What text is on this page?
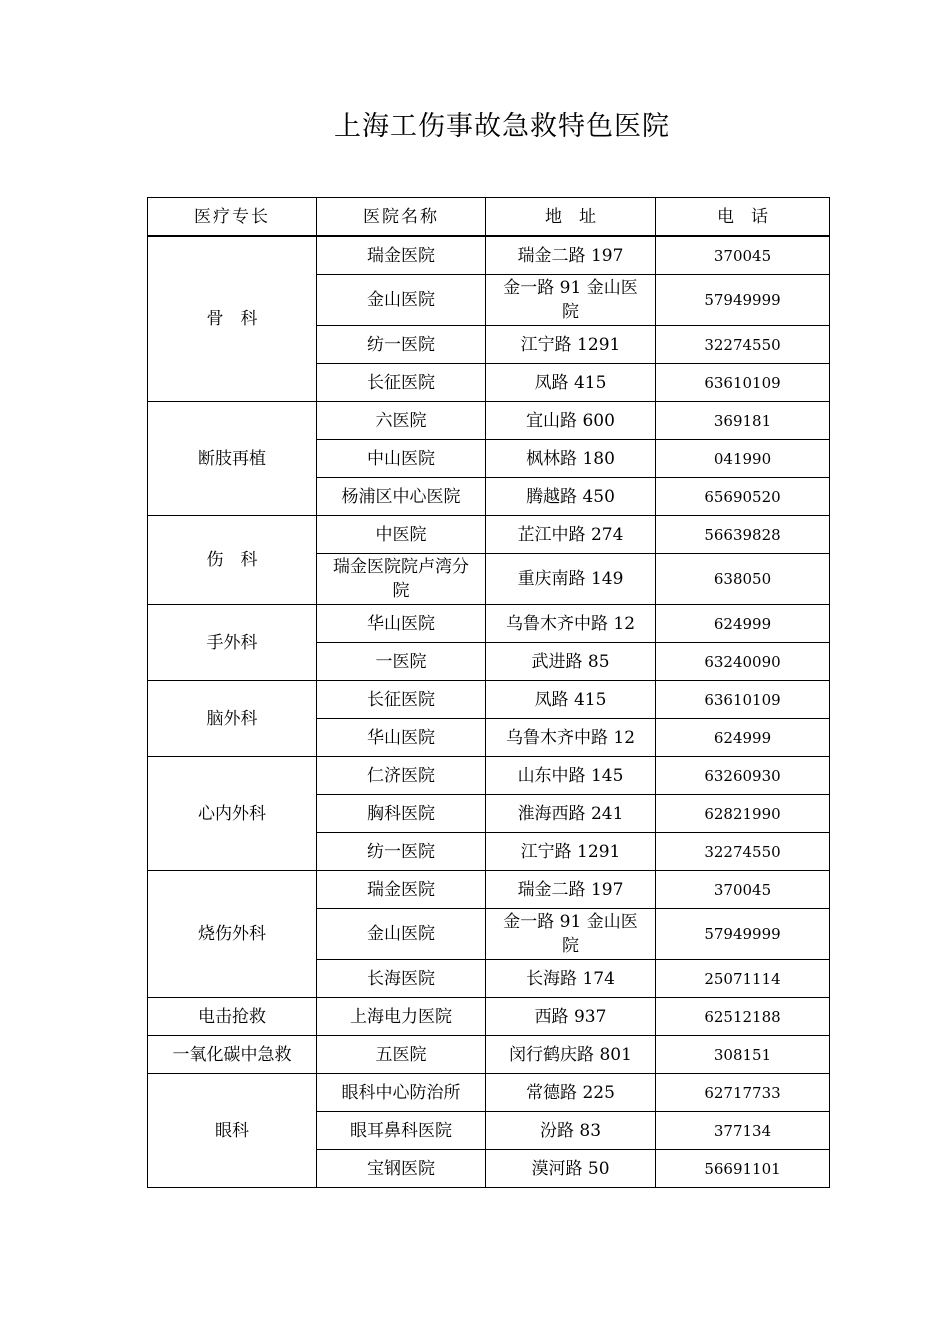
上海工伤事故急救特色医院
医疗专长	医院名称	地　址	电　话
骨　科	瑞金医院	瑞金二路 197	370045
	金山医院	金一路 91 金山医院	57949999
	纺一医院	江宁路 1291	32274550
	长征医院	凤路 415	63610109
断肢再植	六医院	宜山路 600	369181
	中山医院	枫林路 180	041990
	杨浦区中心医院	腾越路 450	65690520
伤　科	中医院	芷江中路 274	56639828
	瑞金医院院卢湾分院	重庆南路 149	638050
手外科	华山医院	乌鲁木齐中路 12	624999
	一医院	武进路 85	63240090
脑外科	长征医院	凤路 415	63610109
	华山医院	乌鲁木齐中路 12	624999
心内外科	仁济医院	山东中路 145	63260930
	胸科医院	淮海西路 241	62821990
	纺一医院	江宁路 1291	32274550
烧伤外科	瑞金医院	瑞金二路 197	370045
	金山医院	金一路 91 金山医院	57949999
	长海医院	长海路 174	25071114
电击抢救	上海电力医院	西路 937	62512188
一氧化碳中急救	五医院	闵行鹤庆路 801	308151
眼科	眼科中心防治所	常德路 225	62717733
	眼耳鼻科医院	汾路 83	377134
	宝钢医院	漠河路 50	56691101
